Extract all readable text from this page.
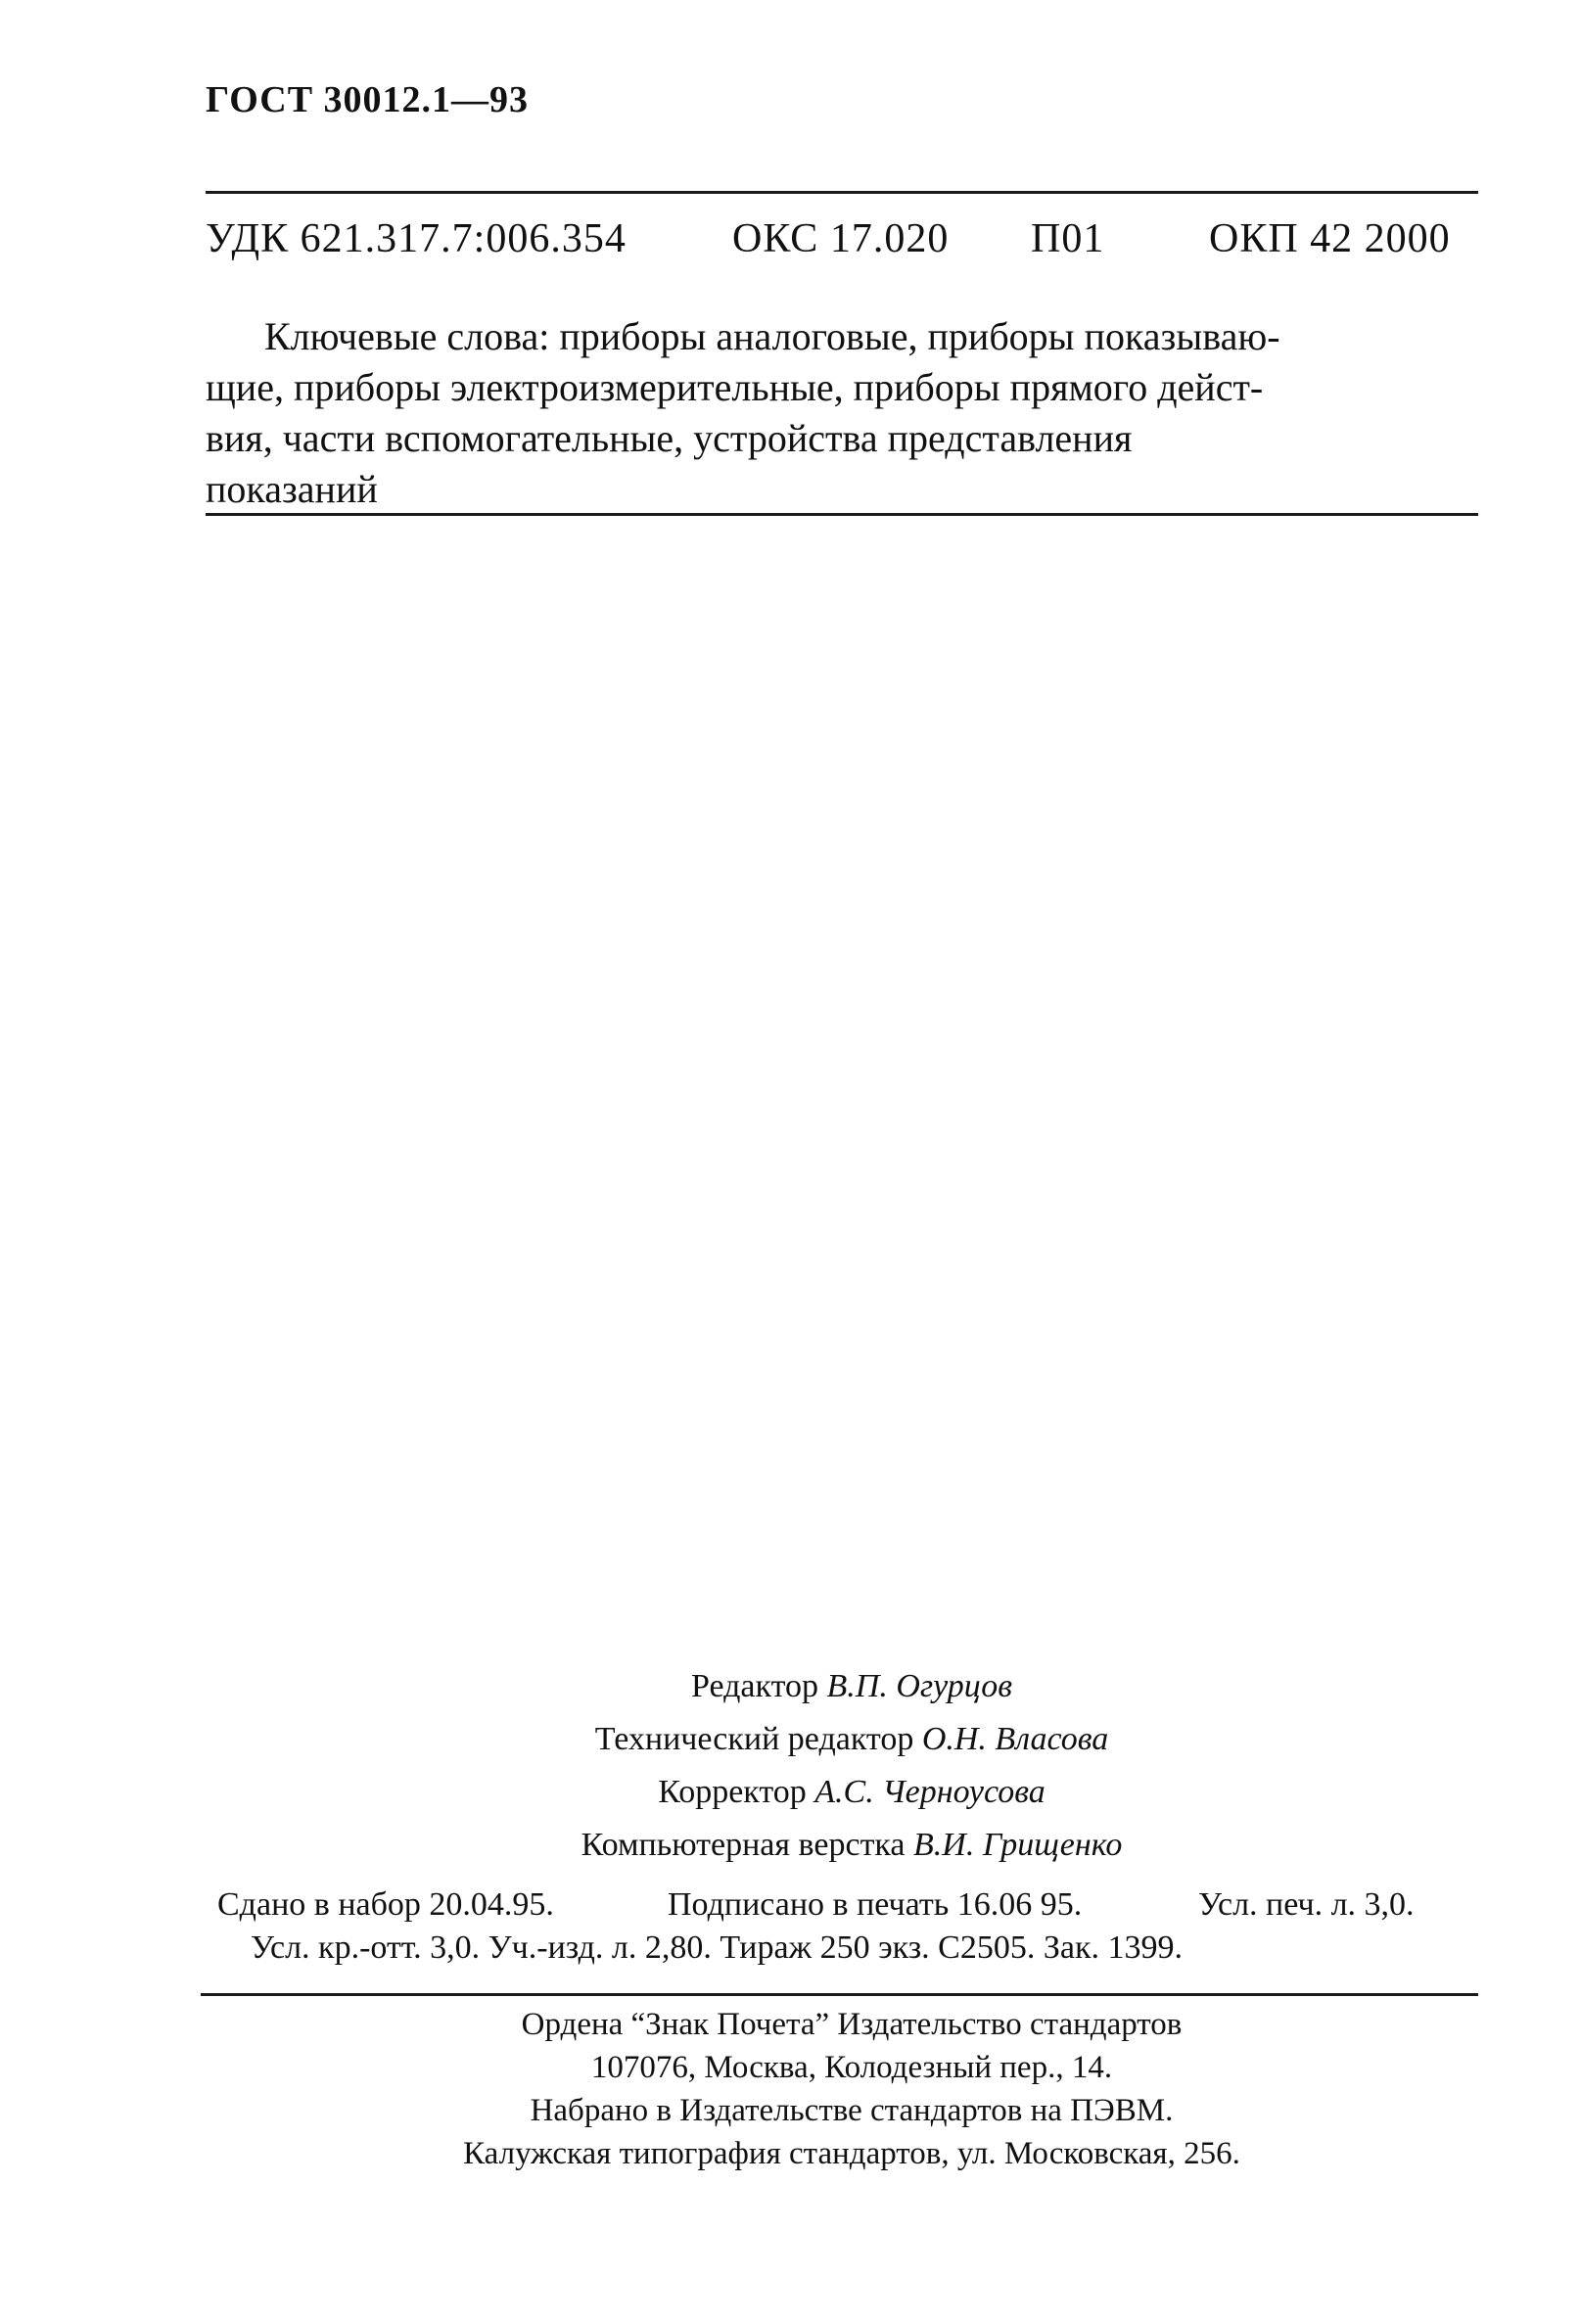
ГОСТ 30012.1—93
УДК 621.317.7:006.354	ОКС 17.020 П01	ОКП 42 2000
Ключевые слова: приборы аналоговые, приборы показываю-
щие, приборы электроизмерительные, приборы прямого дейст-
вия, части вспомогательные, устройства представления
показаний
Редактор В.П. Огурцов
Технический редактор О.Н. Власова
Корректор А.С. Черноусова
Компьютерная верстка В.И. Грищенко
Сдано в набор 20.04.95.	Подписано в печать 16.06 95.	Усл. печ. л. 3,0.
Усл. кр.-отт. 3,0. Уч.-изд. л. 2,80. Тираж 250 экз. С2505. Зак. 1399.
Ордена “Знак Почета” Издательство стандартов
107076, Москва, Колодезный пер., 14.
Набрано в Издательстве стандартов на ПЭВМ.
Калужская типография стандартов, ул. Московская, 256.
